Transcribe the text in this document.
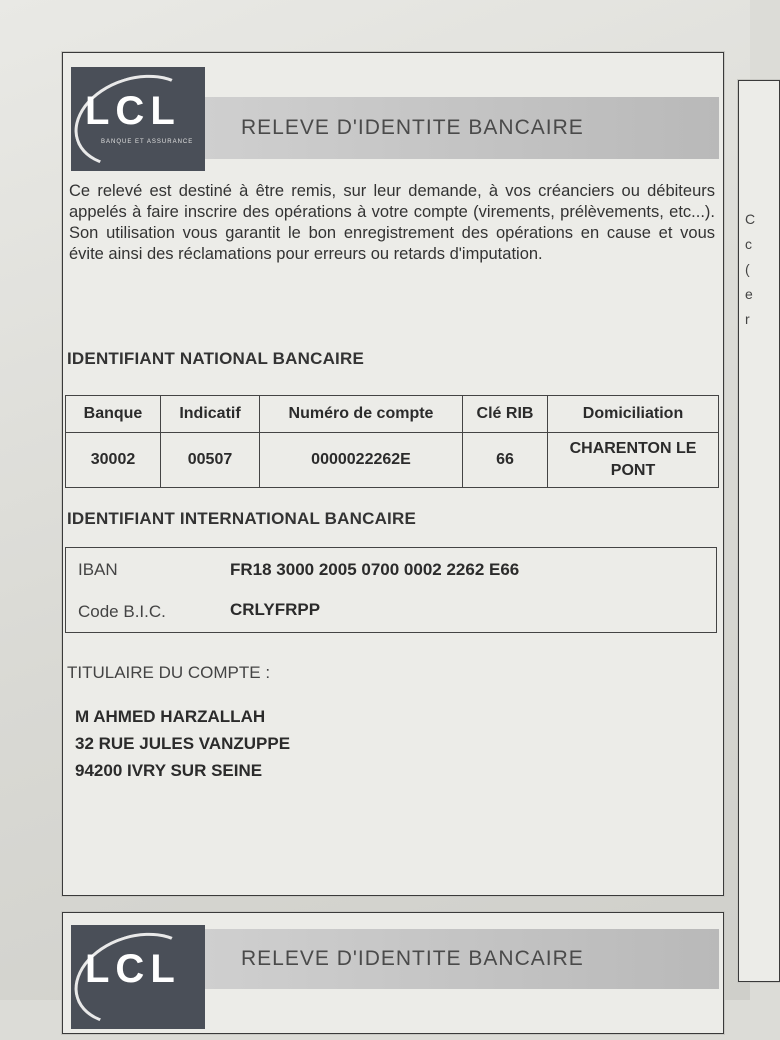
C
c
(
e
r
LCL
BANQUE ET ASSURANCE
RELEVE D'IDENTITE BANCAIRE
Ce relevé est destiné à être remis, sur leur demande, à vos créanciers ou débiteurs appelés à faire inscrire des opérations à votre compte (virements, prélèvements, etc...). Son utilisation vous garantit le bon enregistrement des opérations en cause et vous évite ainsi des réclamations pour erreurs ou retards d'imputation.
IDENTIFIANT NATIONAL BANCAIRE
Banque	Indicatif	Numéro de compte	Clé RIB	Domiciliation
30002	00507	0000022262E	66	CHARENTON LE
PONT
IDENTIFIANT INTERNATIONAL BANCAIRE
IBAN	FR18 3000 2005 0700 0002 2262 E66
Code B.I.C.	CRLYFRPP
TITULAIRE DU COMPTE :
M AHMED HARZALLAH
32 RUE JULES VANZUPPE
94200 IVRY SUR SEINE
LCL	RELEVE D'IDENTITE BANCAIRE
